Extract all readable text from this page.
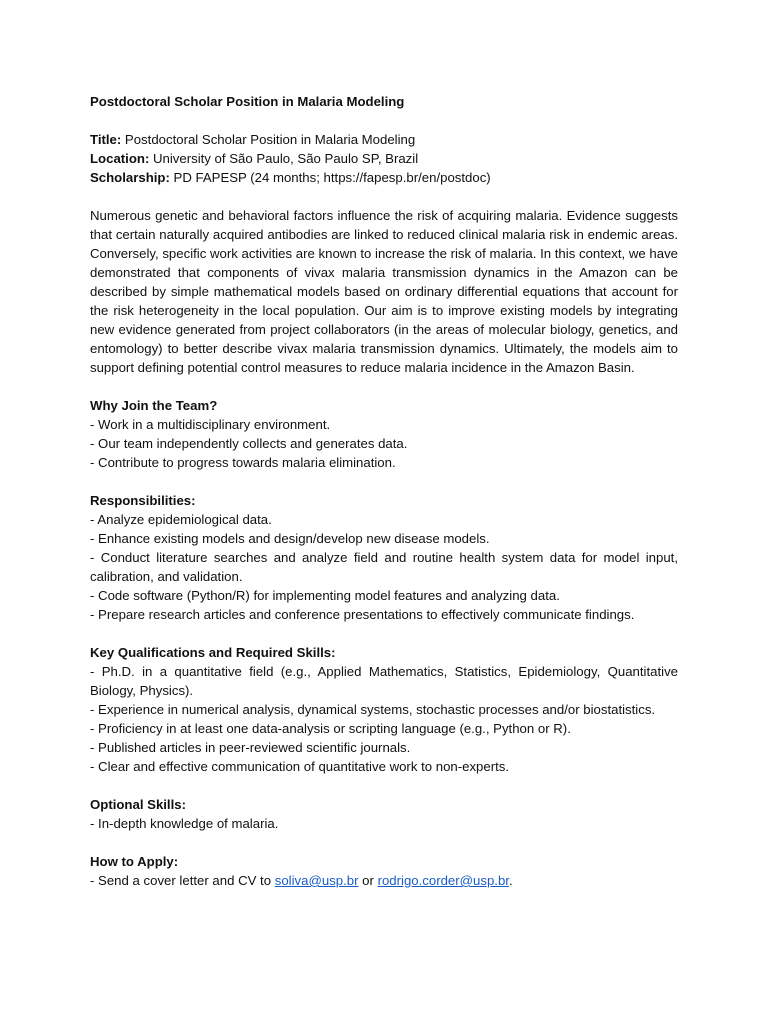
Postdoctoral Scholar Position in Malaria Modeling

Title: Postdoctoral Scholar Position in Malaria Modeling

Location: University of São Paulo, São Paulo SP, Brazil

Scholarship: PD FAPESP (24 months; https://fapesp.br/en/postdoc)

Numerous genetic and behavioral factors influence the risk of acquiring malaria. Evidence suggests that certain naturally acquired antibodies are linked to reduced clinical malaria risk in endemic areas. Conversely, specific work activities are known to increase the risk of malaria. In this context, we have demonstrated that components of vivax malaria transmission dynamics in the Amazon can be described by simple mathematical models based on ordinary differential equations that account for the risk heterogeneity in the local population. Our aim is to improve existing models by integrating new evidence generated from project collaborators (in the areas of molecular biology, genetics, and entomology) to better describe vivax malaria transmission dynamics. Ultimately, the models aim to support defining potential control measures to reduce malaria incidence in the Amazon Basin.

Why Join the Team?

- Work in a multidisciplinary environment.

- Our team independently collects and generates data.

- Contribute to progress towards malaria elimination.

Responsibilities:

- Analyze epidemiological data.

- Enhance existing models and design/develop new disease models.

- Conduct literature searches and analyze field and routine health system data for model input, calibration, and validation.

- Code software (Python/R) for implementing model features and analyzing data.

- Prepare research articles and conference presentations to effectively communicate findings.

Key Qualifications and Required Skills:

- Ph.D. in a quantitative field (e.g., Applied Mathematics, Statistics, Epidemiology, Quantitative Biology, Physics).

- Experience in numerical analysis, dynamical systems, stochastic processes and/or biostatistics.

- Proficiency in at least one data-analysis or scripting language (e.g., Python or R).

- Published articles in peer-reviewed scientific journals.

- Clear and effective communication of quantitative work to non-experts.

Optional Skills:

- In-depth knowledge of malaria.

How to Apply:

- Send a cover letter and CV to soliva@usp.br or rodrigo.corder@usp.br.
